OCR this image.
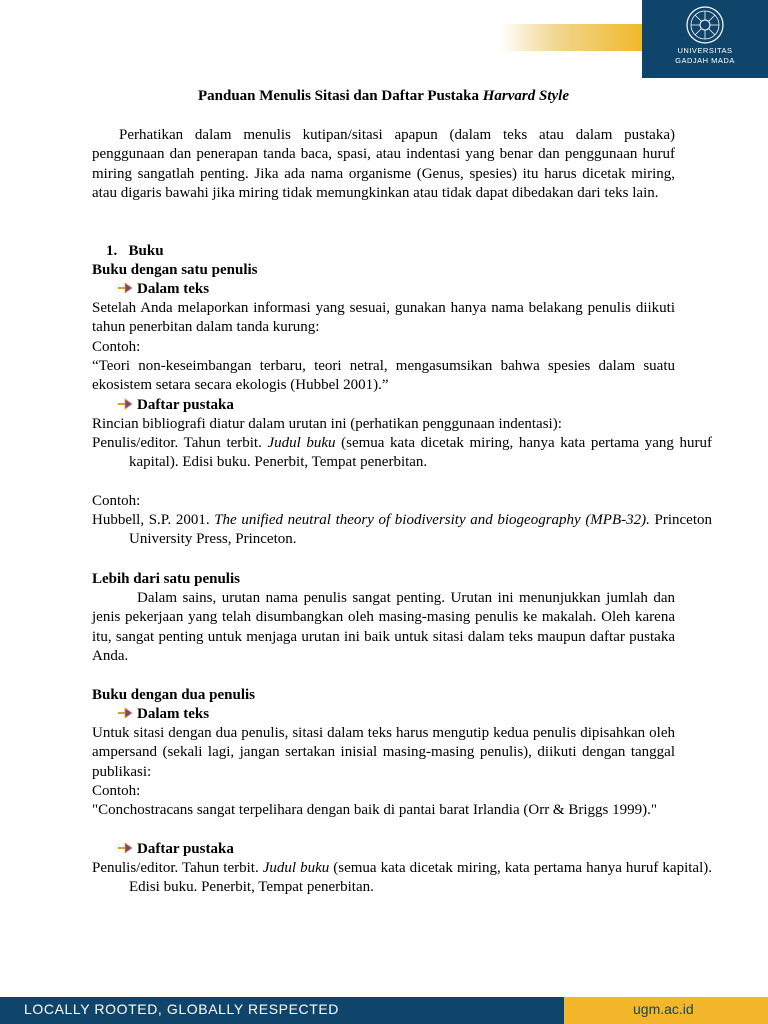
UNIVERSITAS
GADJAH MADA
Panduan Menulis Sitasi dan Daftar Pustaka Harvard Style
Perhatikan dalam menulis kutipan/sitasi apapun (dalam teks atau dalam pustaka) penggunaan dan penerapan tanda baca, spasi, atau indentasi yang benar dan penggunaan huruf miring sangatlah penting. Jika ada nama organisme (Genus, spesies) itu harus dicetak miring, atau digaris bawahi jika miring tidak memungkinkan atau tidak dapat dibedakan dari teks lain.
1. Buku
Buku dengan satu penulis
Dalam teks
Setelah Anda melaporkan informasi yang sesuai, gunakan hanya nama belakang penulis diikuti tahun penerbitan dalam tanda kurung:
Contoh:
“Teori non-keseimbangan terbaru, teori netral, mengasumsikan bahwa spesies dalam suatu ekosistem setara secara ekologis (Hubbel 2001).”
Daftar pustaka
Rincian bibliografi diatur dalam urutan ini (perhatikan penggunaan indentasi):
Penulis/editor. Tahun terbit. Judul buku (semua kata dicetak miring, hanya kata pertama yang huruf kapital). Edisi buku. Penerbit, Tempat penerbitan.
Contoh:
Hubbell, S.P. 2001. The unified neutral theory of biodiversity and biogeography (MPB-32). Princeton University Press, Princeton.
Lebih dari satu penulis
Dalam sains, urutan nama penulis sangat penting. Urutan ini menunjukkan jumlah dan jenis pekerjaan yang telah disumbangkan oleh masing-masing penulis ke makalah. Oleh karena itu, sangat penting untuk menjaga urutan ini baik untuk sitasi dalam teks maupun daftar pustaka Anda.
Buku dengan dua penulis
Dalam teks
Untuk sitasi dengan dua penulis, sitasi dalam teks harus mengutip kedua penulis dipisahkan oleh ampersand (sekali lagi, jangan sertakan inisial masing-masing penulis), diikuti dengan tanggal publikasi:
Contoh:
"Conchostracans sangat terpelihara dengan baik di pantai barat Irlandia (Orr & Briggs 1999)."
Daftar pustaka
Penulis/editor. Tahun terbit. Judul buku (semua kata dicetak miring, kata pertama hanya huruf kapital). Edisi buku. Penerbit, Tempat penerbitan.
LOCALLY ROOTED, GLOBALLY RESPECTED	ugm.ac.id
